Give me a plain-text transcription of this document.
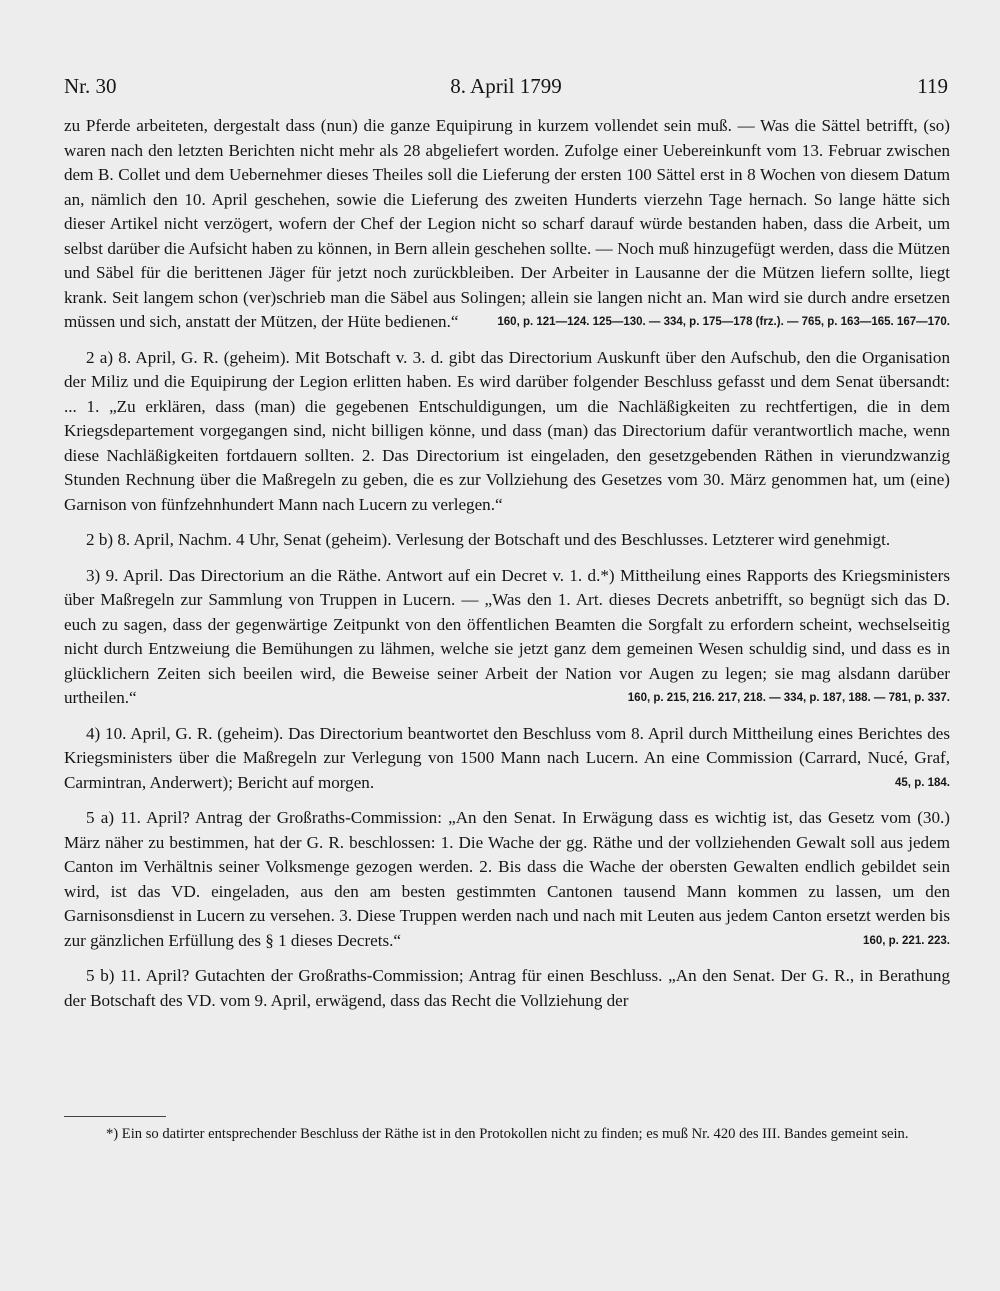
Nr. 30	8. April 1799	119

zu Pferde arbeiteten, dergestalt dass (nun) die ganze Equipirung in kurzem vollendet sein muß. — Was die Sättel betrifft, (so) waren nach den letzten Berichten nicht mehr als 28 abgeliefert worden. Zufolge einer Uebereinkunft vom 13. Februar zwischen dem B. Collet und dem Uebernehmer dieses Theiles soll die Lieferung der ersten 100 Sättel erst in 8 Wochen von diesem Datum an, nämlich den 10. April geschehen, sowie die Lieferung des zweiten Hunderts vierzehn Tage hernach. So lange hätte sich dieser Artikel nicht verzögert, wofern der Chef der Legion nicht so scharf darauf würde bestanden haben, dass die Arbeit, um selbst darüber die Aufsicht haben zu können, in Bern allein geschehen sollte. — Noch muß hinzugefügt werden, dass die Mützen und Säbel für die berittenen Jäger für jetzt noch zurückbleiben. Der Arbeiter in Lausanne der die Mützen liefern sollte, liegt krank. Seit langem schon (ver)schrieb man die Säbel aus Solingen; allein sie langen nicht an. Man wird sie durch andre ersetzen müssen und sich, anstatt der Mützen, der Hüte bedienen.“	160, p. 121—124. 125—130. — 334, p. 175—178 (frz.). — 765, p. 163—165. 167—170.

2 a) 8. April, G. R. (geheim). Mit Botschaft v. 3. d. gibt das Directorium Auskunft über den Aufschub, den die Organisation der Miliz und die Equipirung der Legion erlitten haben. Es wird darüber folgender Beschluss gefasst und dem Senat übersandt: ... 1. „Zu erklären, dass (man) die gegebenen Entschuldigungen, um die Nachläßigkeiten zu rechtfertigen, die in dem Kriegsdepartement vorgegangen sind, nicht billigen könne, und dass (man) das Directorium dafür verantwortlich mache, wenn diese Nachläßigkeiten fortdauern sollten. 2. Das Directorium ist eingeladen, den gesetzgebenden Räthen in vierundzwanzig Stunden Rechnung über die Maßregeln zu geben, die es zur Vollziehung des Gesetzes vom 30. März genommen hat, um (eine) Garnison von fünfzehnhundert Mann nach Lucern zu verlegen.“

2 b) 8. April, Nachm. 4 Uhr, Senat (geheim). Verlesung der Botschaft und des Beschlusses. Letzterer wird genehmigt.

3) 9. April. Das Directorium an die Räthe. Antwort auf ein Decret v. 1. d.*) Mittheilung eines Rapports des Kriegsministers über Maßregeln zur Sammlung von Truppen in Lucern. — „Was den 1. Art. dieses Decrets anbetrifft, so begnügt sich das D. euch zu sagen, dass der gegenwärtige Zeitpunkt von den öffentlichen Beamten die Sorgfalt zu erfordern scheint, wechselseitig nicht durch Entzweiung die Bemühungen zu lähmen, welche sie jetzt ganz dem gemeinen Wesen schuldig sind, und dass es in glücklichern Zeiten sich beeilen wird, die Beweise seiner Arbeit der Nation vor Augen zu legen; sie mag alsdann darüber urtheilen.“	160, p. 215, 216. 217, 218. — 334, p. 187, 188. — 781, p. 337.

4) 10. April, G. R. (geheim). Das Directorium beantwortet den Beschluss vom 8. April durch Mittheilung eines Berichtes des Kriegsministers über die Maßregeln zur Verlegung von 1500 Mann nach Lucern. An eine Commission (Carrard, Nucé, Graf, Carmintran, Anderwert); Bericht auf morgen.	45, p. 184.

5 a) 11. April? Antrag der Großraths-Commission: „An den Senat. In Erwägung dass es wichtig ist, das Gesetz vom (30.) März näher zu bestimmen, hat der G. R. beschlossen: 1. Die Wache der gg. Räthe und der vollziehenden Gewalt soll aus jedem Canton im Verhältnis seiner Volksmenge gezogen werden. 2. Bis dass die Wache der obersten Gewalten endlich gebildet sein wird, ist das VD. eingeladen, aus den am besten gestimmten Cantonen tausend Mann kommen zu lassen, um den Garnisonsdienst in Lucern zu versehen. 3. Diese Truppen werden nach und nach mit Leuten aus jedem Canton ersetzt werden bis zur gänzlichen Erfüllung des § 1 dieses Decrets.“	160, p. 221. 223.

5 b) 11. April? Gutachten der Großraths-Commission; Antrag für einen Beschluss. „An den Senat. Der G. R., in Berathung der Botschaft des VD. vom 9. April, erwägend, dass das Recht die Vollziehung der

*) Ein so datirter entsprechender Beschluss der Räthe ist in den Protokollen nicht zu finden; es muß Nr. 420 des III. Bandes gemeint sein.
